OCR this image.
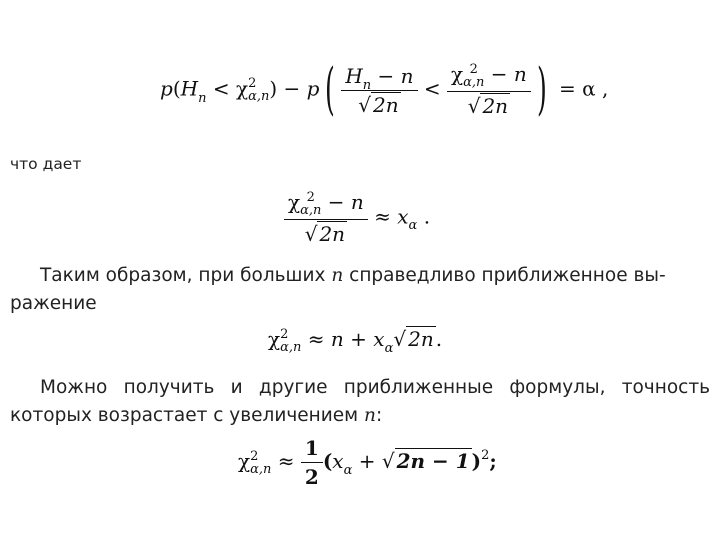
$p(H_n < \chi$ 2
α,n ) − p ( $\frac{H_n - n}{√ 2n} < \chi$ 2
α,n − n
√ 2n ) = α ,
что дает
χ 2
α,n − n
√ $2n \approx x_\alpha$ .
Таким образом, при больших n справедливо приближенное вы-
ражение
χ 2
$\alpha,n \approx n + x_\alpha√$ 2n .
Можно получить и другие приближенные формулы, точность
которых возрастает с увеличением n:
χ 2
$\alpha,n \approx \frac{1}{2} (x_\alpha$ + √ 2n − 1 )$^2$;
